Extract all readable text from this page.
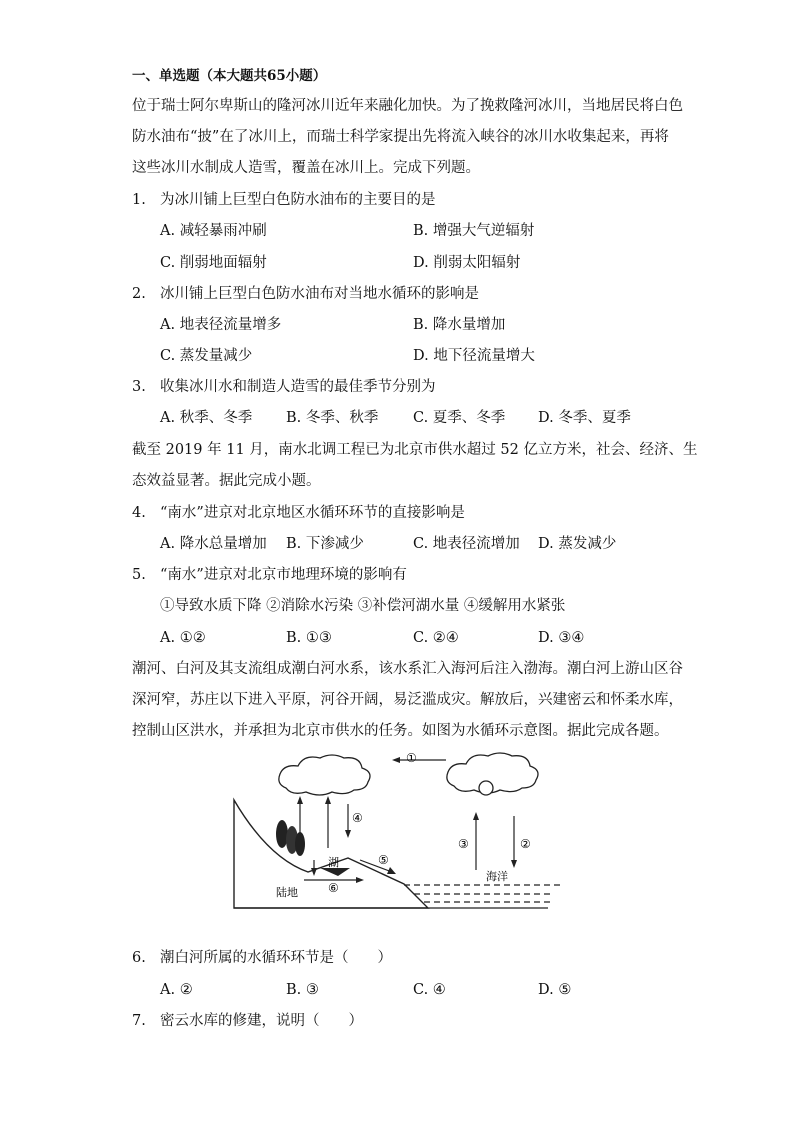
一、单选题（本大题共65小题）
位于瑞士阿尔卑斯山的隆河冰川近年来融化加快。为了挽救隆河冰川，当地居民将白色
防水油布“披”在了冰川上，而瑞士科学家提出先将流入峡谷的冰川水收集起来，再将
这些冰川水制成人造雪，覆盖在冰川上。完成下列题。
1. 为冰川铺上巨型白色防水油布的主要目的是
A. 减轻暴雨冲刷	B. 增强大气逆辐射
C. 削弱地面辐射	D. 削弱太阳辐射
2. 冰川铺上巨型白色防水油布对当地水循环的影响是
A. 地表径流量增多	B. 降水量增加
C. 蒸发量减少	D. 地下径流量增大
3. 收集冰川水和制造人造雪的最佳季节分别为
A. 秋季、冬季 B. 冬季、秋季 C. 夏季、冬季 D. 冬季、夏季
截至 2019 年 11 月，南水北调工程已为北京市供水超过 52 亿立方米，社会、经济、生
态效益显著。据此完成小题。
4. “南水”进京对北京地区水循环环节的直接影响是
A. 降水总量增加 B. 下渗减少	C. 地表径流增加 D. 蒸发减少
5. “南水”进京对北京市地理环境的影响有
①导致水质下降 ②消除水污染 ③补偿河湖水量 ④缓解用水紧张
A. ①②	B. ①③	C. ②④	D. ③④
潮河、白河及其支流组成潮白河水系，该水系汇入海河后注入渤海。潮白河上游山区谷
深河窄，苏庄以下进入平原，河谷开阔，易泛滥成灾。解放后，兴建密云和怀柔水库，
控制山区洪水，并承担为北京市供水的任务。如图为水循环示意图。据此完成各题。
①
④
湖	⑤
⑥
陆地
海洋
③	②
6. 潮白河所属的水循环环节是（　　）
A. ②	B. ③	C. ④	D. ⑤
7. 密云水库的修建，说明（　　）
